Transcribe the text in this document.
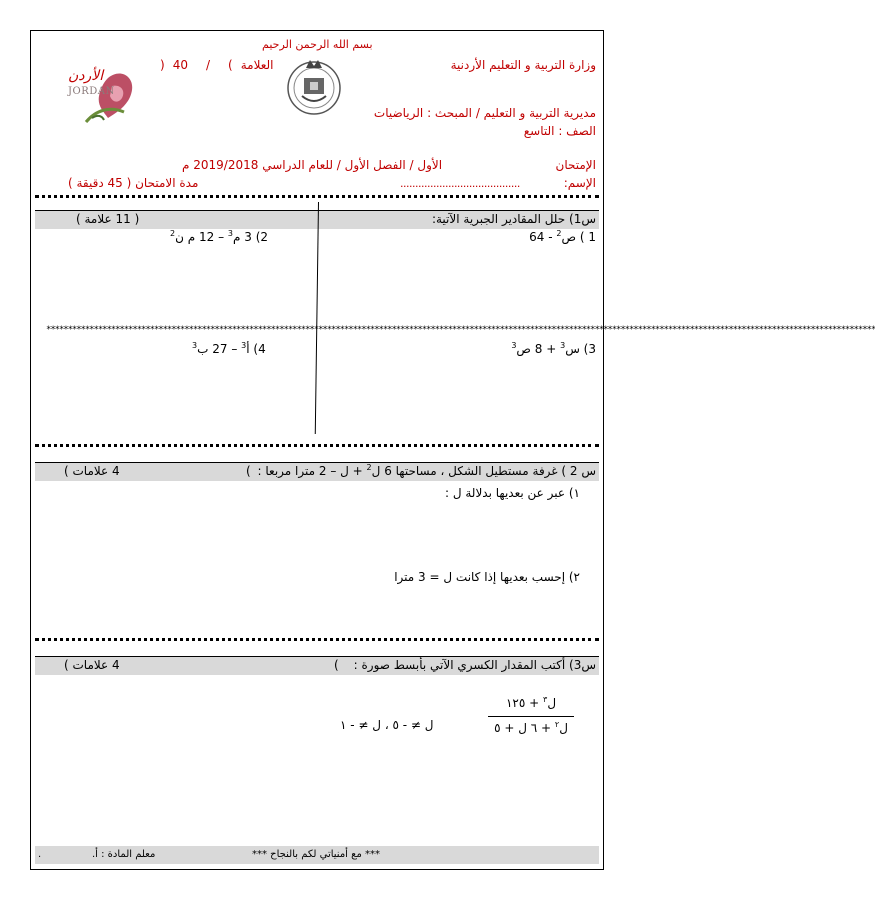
بسم الله الرحمن الرحيم
وزارة التربية و التعليم الأردنية
) 40 / ( العلامة
الأردن
JORDAN
مديرية التربية و التعليم / المبحث : الرياضيات
الصف : التاسع
الإمتحان
الأول / الفصل الأول / للعام الدراسي 2019/2018 م
الإسم:
........................................
مدة الامتحان ( 45 دقيقة )
س1) حلل المقادير الجبرية الآتية:
( 11 علامة )
1 ) ص$^2$ - 64
2) 3 م$^3$ – 12 م ن$^2$
************************************************************************************************************************************************************************************************
3) س$^3$ + 8 ص$^3$
4) أ$^3$ – 27 ب$^3$
س 2 ) غرفة مستطيل الشكل ، مساحتها 6 ل$^2$ + ل – 2 مترا مربعا :
(
4 علامات )
١) عبر عن بعديها بدلالة ل :
٢) إحسب بعديها إذا كانت ل = 3 مترا
س3) أكتب المقدار الكسري الآتي بأبسط صورة :
(
4 علامات )
ل$^٣$ + ١٢٥
ل$^٢$ + ٦ ل + ٥
ل ≠ - ٥ ، ل ≠ - ١
*** مع أمنياتي لكم بالنجاح ***
معلم المادة : أ.
.
